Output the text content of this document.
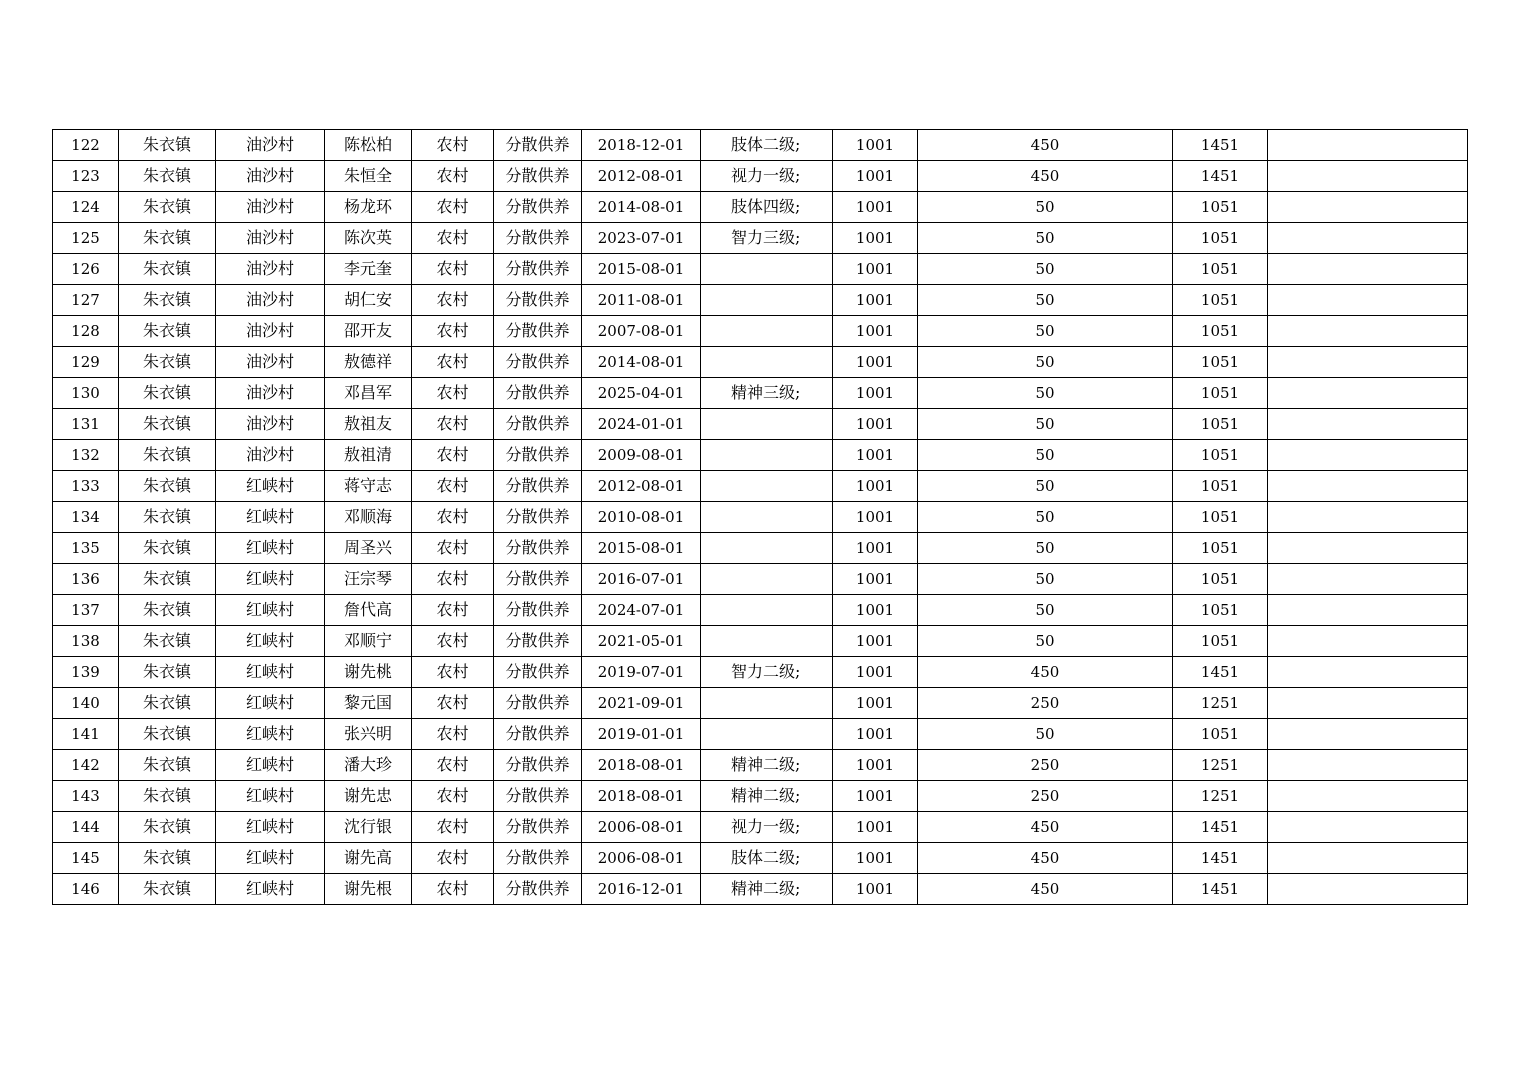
122	朱衣镇	油沙村	陈松柏	农村	分散供养	2018-12-01	肢体二级;	1001	450	1451	
123	朱衣镇	油沙村	朱恒全	农村	分散供养	2012-08-01	视力一级;	1001	450	1451	
124	朱衣镇	油沙村	杨龙环	农村	分散供养	2014-08-01	肢体四级;	1001	50	1051	
125	朱衣镇	油沙村	陈次英	农村	分散供养	2023-07-01	智力三级;	1001	50	1051	
126	朱衣镇	油沙村	李元奎	农村	分散供养	2015-08-01		1001	50	1051	
127	朱衣镇	油沙村	胡仁安	农村	分散供养	2011-08-01		1001	50	1051	
128	朱衣镇	油沙村	邵开友	农村	分散供养	2007-08-01		1001	50	1051	
129	朱衣镇	油沙村	敖德祥	农村	分散供养	2014-08-01		1001	50	1051	
130	朱衣镇	油沙村	邓昌军	农村	分散供养	2025-04-01	精神三级;	1001	50	1051	
131	朱衣镇	油沙村	敖祖友	农村	分散供养	2024-01-01		1001	50	1051	
132	朱衣镇	油沙村	敖祖清	农村	分散供养	2009-08-01		1001	50	1051	
133	朱衣镇	红峡村	蒋守志	农村	分散供养	2012-08-01		1001	50	1051	
134	朱衣镇	红峡村	邓顺海	农村	分散供养	2010-08-01		1001	50	1051	
135	朱衣镇	红峡村	周圣兴	农村	分散供养	2015-08-01		1001	50	1051	
136	朱衣镇	红峡村	汪宗琴	农村	分散供养	2016-07-01		1001	50	1051	
137	朱衣镇	红峡村	詹代高	农村	分散供养	2024-07-01		1001	50	1051	
138	朱衣镇	红峡村	邓顺宁	农村	分散供养	2021-05-01		1001	50	1051	
139	朱衣镇	红峡村	谢先桃	农村	分散供养	2019-07-01	智力二级;	1001	450	1451	
140	朱衣镇	红峡村	黎元国	农村	分散供养	2021-09-01		1001	250	1251	
141	朱衣镇	红峡村	张兴明	农村	分散供养	2019-01-01		1001	50	1051	
142	朱衣镇	红峡村	潘大珍	农村	分散供养	2018-08-01	精神二级;	1001	250	1251	
143	朱衣镇	红峡村	谢先忠	农村	分散供养	2018-08-01	精神二级;	1001	250	1251	
144	朱衣镇	红峡村	沈行银	农村	分散供养	2006-08-01	视力一级;	1001	450	1451	
145	朱衣镇	红峡村	谢先高	农村	分散供养	2006-08-01	肢体二级;	1001	450	1451	
146	朱衣镇	红峡村	谢先根	农村	分散供养	2016-12-01	精神二级;	1001	450	1451	
